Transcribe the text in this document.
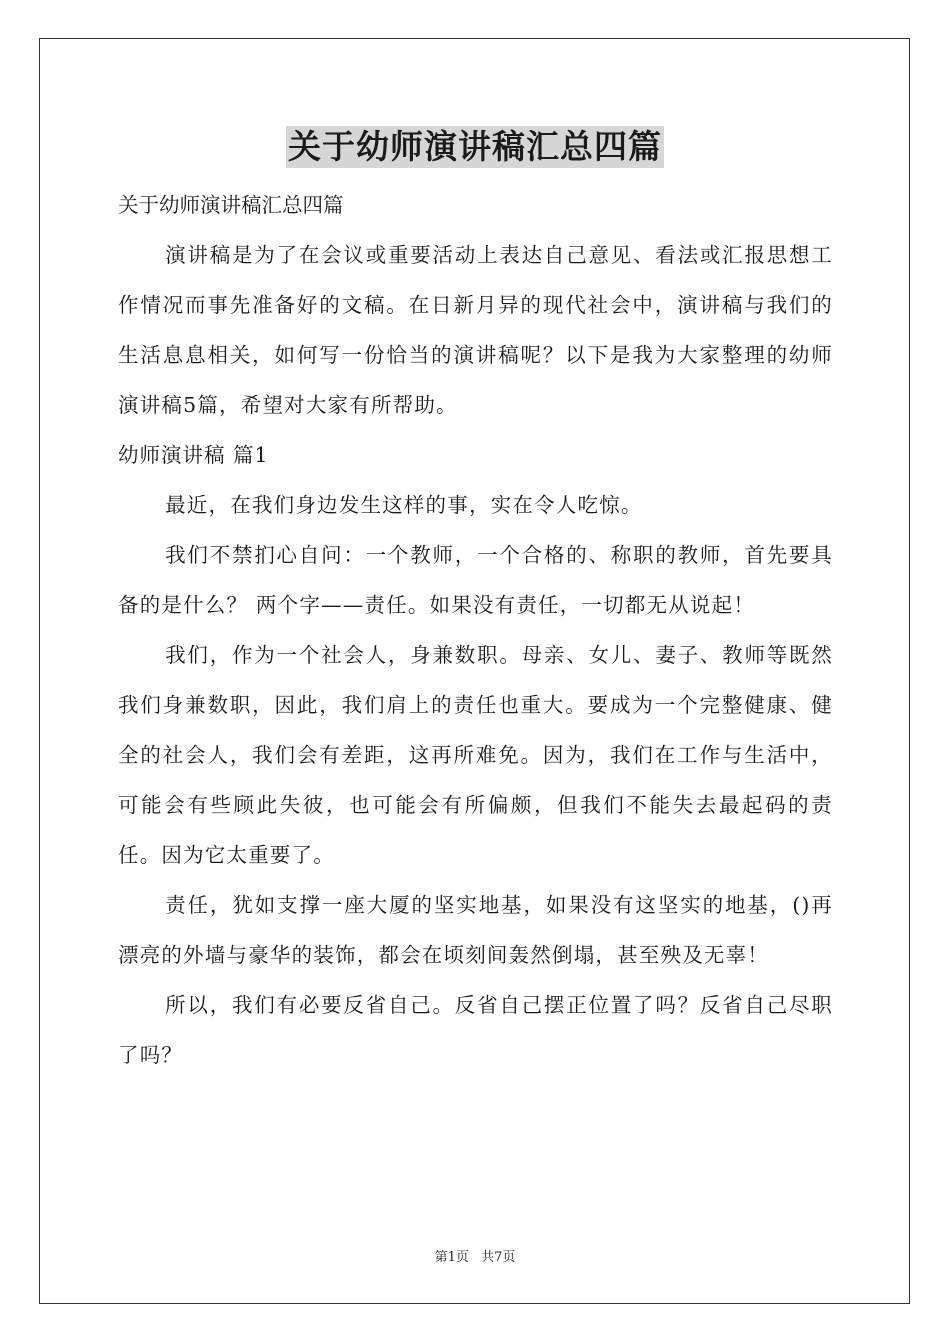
关于幼师演讲稿汇总四篇

关于幼师演讲稿汇总四篇

演讲稿是为了在会议或重要活动上表达自己意见、看法或汇报思想工作情况而事先准备好的文稿。在日新月异的现代社会中，演讲稿与我们的生活息息相关，如何写一份恰当的演讲稿呢？以下是我为大家整理的幼师演讲稿5篇，希望对大家有所帮助。

幼师演讲稿 篇1

最近，在我们身边发生这样的事，实在令人吃惊。

我们不禁扪心自问：一个教师，一个合格的、称职的教师，首先要具备的是什么？ 两个字——责任。如果没有责任，一切都无从说起！

我们，作为一个社会人，身兼数职。母亲、女儿、妻子、教师等既然我们身兼数职，因此，我们肩上的责任也重大。要成为一个完整健康、健全的社会人，我们会有差距，这再所难免。因为，我们在工作与生活中，可能会有些顾此失彼，也可能会有所偏颇，但我们不能失去最起码的责任。因为它太重要了。

责任，犹如支撑一座大厦的坚实地基，如果没有这坚实的地基，()再漂亮的外墙与豪华的装饰，都会在顷刻间轰然倒塌，甚至殃及无辜！

所以，我们有必要反省自己。反省自己摆正位置了吗？反省自己尽职了吗？

第1页 共7页
